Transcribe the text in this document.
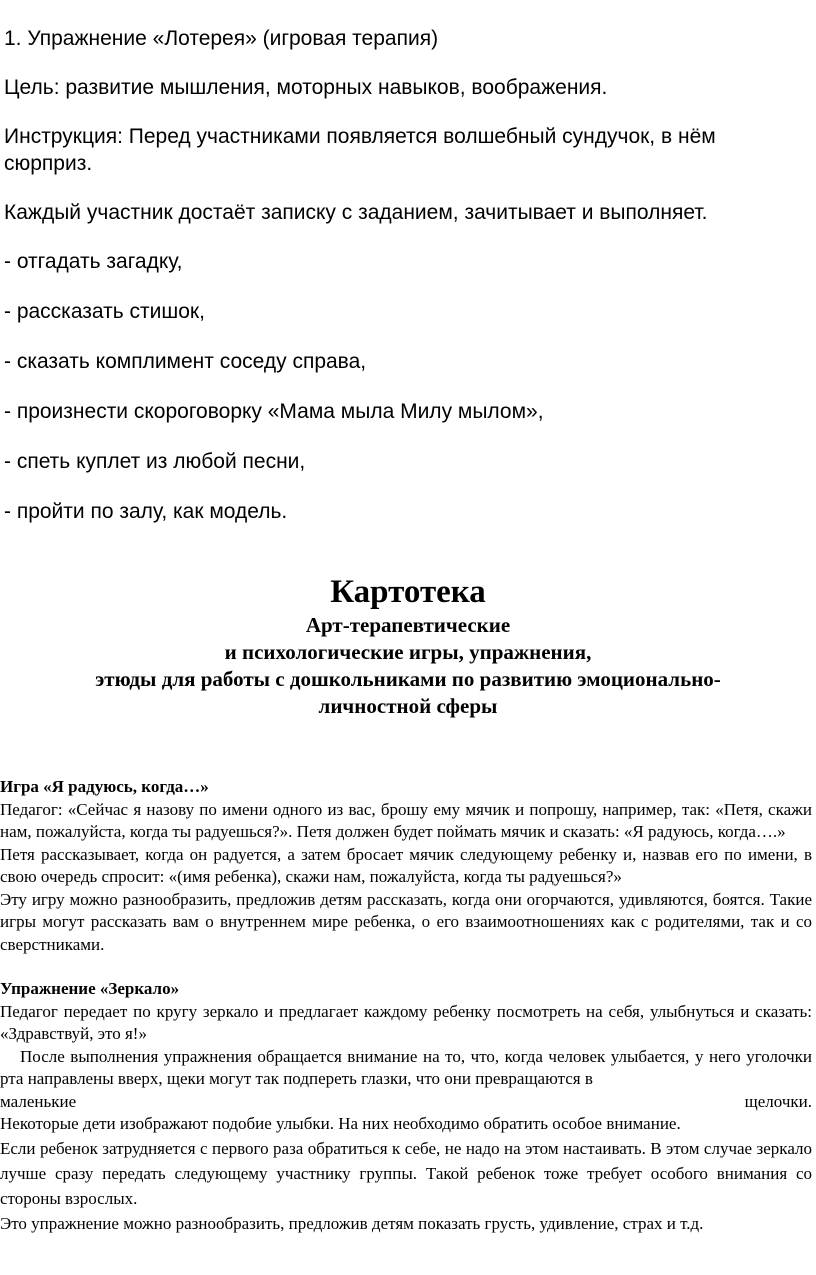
1. Упражнение «Лотерея» (игровая терапия)

Цель: развитие мышления, моторных навыков, воображения.

Инструкция: Перед участниками появляется волшебный сундучок, в нём сюрприз.

Каждый участник достаёт записку с заданием, зачитывает и выполняет.

- отгадать загадку,

- рассказать стишок,

- сказать комплимент соседу справа,

- произнести скороговорку «Мама мыла Милу мылом»,

- спеть куплет из любой песни,

- пройти по залу, как модель.

Картотека

Арт-терапевтические

и психологические игры, упражнения,

этюды для работы с дошкольниками по развитию эмоционально-

личностной сферы

Игра «Я радуюсь, когда…»

Педагог: «Сейчас я назову по имени одного из вас, брошу ему мячик и попрошу, например, так: «Петя, скажи нам, пожалуйста, когда ты радуешься?». Петя должен будет поймать мячик и сказать: «Я радуюсь, когда….»

Петя рассказывает, когда он радуется, а затем бросает мячик следующему ребенку и, назвав его по имени, в свою очередь спросит: «(имя ребенка), скажи нам, пожалуйста, когда ты радуешься?»

Эту игру можно разнообразить, предложив детям рассказать, когда они огорчаются, удивляются, боятся. Такие игры могут рассказать вам о внутреннем мире ребенка, о его взаимоотношениях как с родителями, так и со сверстниками.

Упражнение «Зеркало»

Педагог передает по кругу зеркало и предлагает каждому ребенку посмотреть на себя, улыбнуться и сказать: «Здравствуй, это я!»

После выполнения упражнения обращается внимание на то, что, когда человек улыбается, у него уголочки рта направлены вверх, щеки могут так подпереть глазки, что они превращаются в

маленькие	щелочки.

Некоторые дети изображают подобие улыбки. На них необходимо обратить особое внимание.

Если ребенок затрудняется с первого раза обратиться к себе, не надо на этом настаивать. В этом случае зеркало лучше сразу передать следующему участнику группы. Такой ребенок тоже требует особого внимания со стороны взрослых.

Это упражнение можно разнообразить, предложив детям показать грусть, удивление, страх и т.д.
